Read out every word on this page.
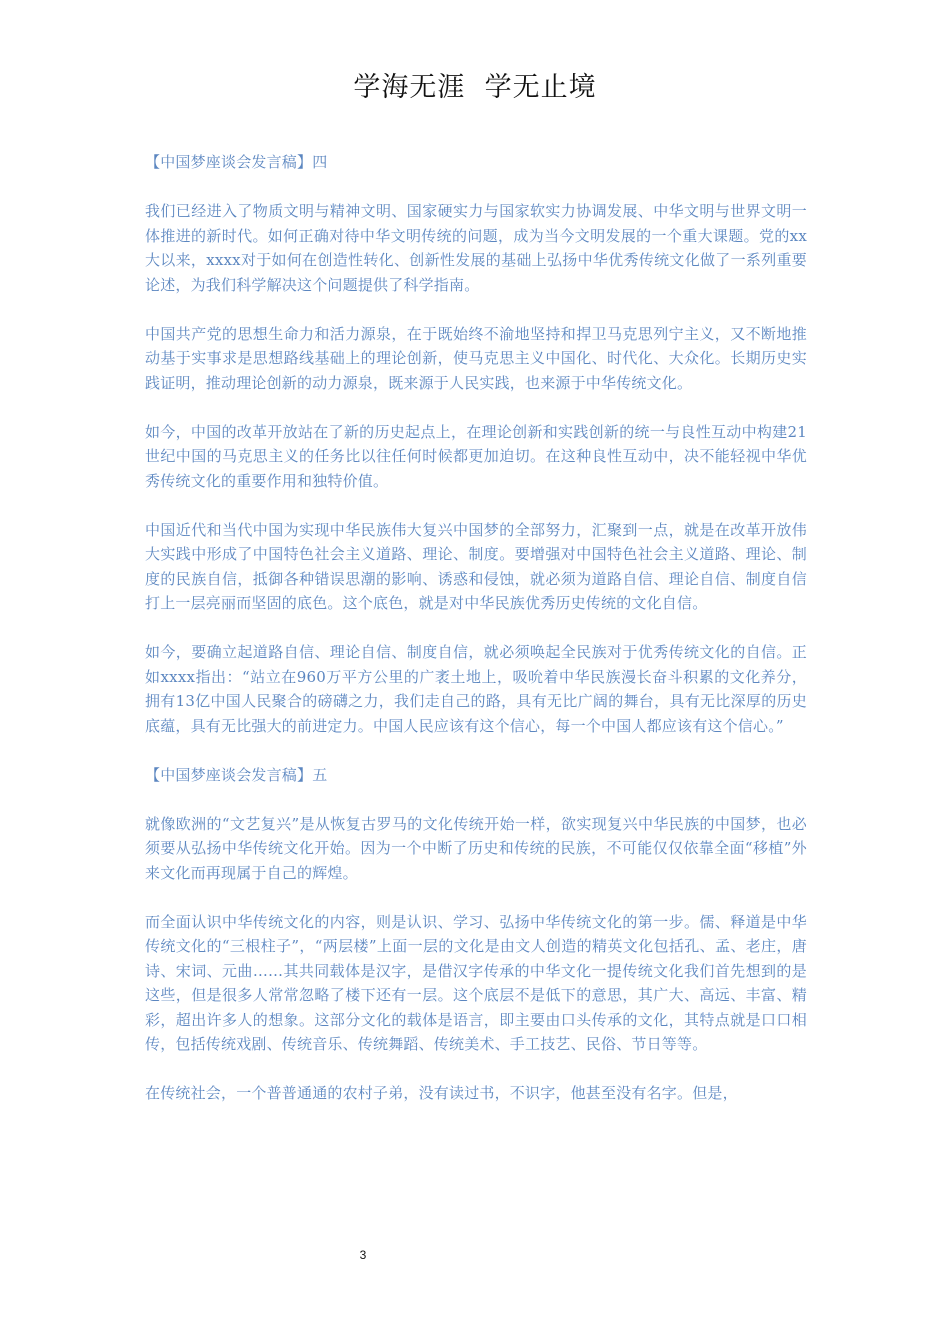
学海无涯  学无止境

【中国梦座谈会发言稿】四

我们已经进入了物质文明与精神文明、国家硬实力与国家软实力协调发展、中华文明与世界文明一体推进的新时代。如何正确对待中华文明传统的问题，成为当今文明发展的一个重大课题。党的xx大以来，xxxx对于如何在创造性转化、创新性发展的基础上弘扬中华优秀传统文化做了一系列重要论述，为我们科学解决这个问题提供了科学指南。

中国共产党的思想生命力和活力源泉，在于既始终不渝地坚持和捍卫马克思列宁主义，又不断地推动基于实事求是思想路线基础上的理论创新，使马克思主义中国化、时代化、大众化。长期历史实践证明，推动理论创新的动力源泉，既来源于人民实践，也来源于中华传统文化。

如今，中国的改革开放站在了新的历史起点上，在理论创新和实践创新的统一与良性互动中构建21世纪中国的马克思主义的任务比以往任何时候都更加迫切。在这种良性互动中，决不能轻视中华优秀传统文化的重要作用和独特价值。

中国近代和当代中国为实现中华民族伟大复兴中国梦的全部努力，汇聚到一点，就是在改革开放伟大实践中形成了中国特色社会主义道路、理论、制度。要增强对中国特色社会主义道路、理论、制度的民族自信，抵御各种错误思潮的影响、诱惑和侵蚀，就必须为道路自信、理论自信、制度自信打上一层亮丽而坚固的底色。这个底色，就是对中华民族优秀历史传统的文化自信。

如今，要确立起道路自信、理论自信、制度自信，就必须唤起全民族对于优秀传统文化的自信。正如xxxx指出：“站立在960万平方公里的广袤土地上，吸吮着中华民族漫长奋斗积累的文化养分，拥有13亿中国人民聚合的磅礴之力，我们走自己的路，具有无比广阔的舞台，具有无比深厚的历史底蕴，具有无比强大的前进定力。中国人民应该有这个信心，每一个中国人都应该有这个信心。”

【中国梦座谈会发言稿】五

就像欧洲的“文艺复兴”是从恢复古罗马的文化传统开始一样，欲实现复兴中华民族的中国梦，也必须要从弘扬中华传统文化开始。因为一个中断了历史和传统的民族，不可能仅仅依靠全面“移植”外来文化而再现属于自己的辉煌。

而全面认识中华传统文化的内容，则是认识、学习、弘扬中华传统文化的第一步。儒、释道是中华传统文化的“三根柱子”，“两层楼”上面一层的文化是由文人创造的精英文化包括孔、孟、老庄，唐诗、宋词、元曲……其共同载体是汉字，是借汉字传承的中华文化一提传统文化我们首先想到的是这些，但是很多人常常忽略了楼下还有一层。这个底层不是低下的意思，其广大、高远、丰富、精彩，超出许多人的想象。这部分文化的载体是语言，即主要由口头传承的文化，其特点就是口口相传，包括传统戏剧、传统音乐、传统舞蹈、传统美术、手工技艺、民俗、节日等等。

在传统社会，一个普普通通的农村子弟，没有读过书，不识字，他甚至没有名字。但是，

3
